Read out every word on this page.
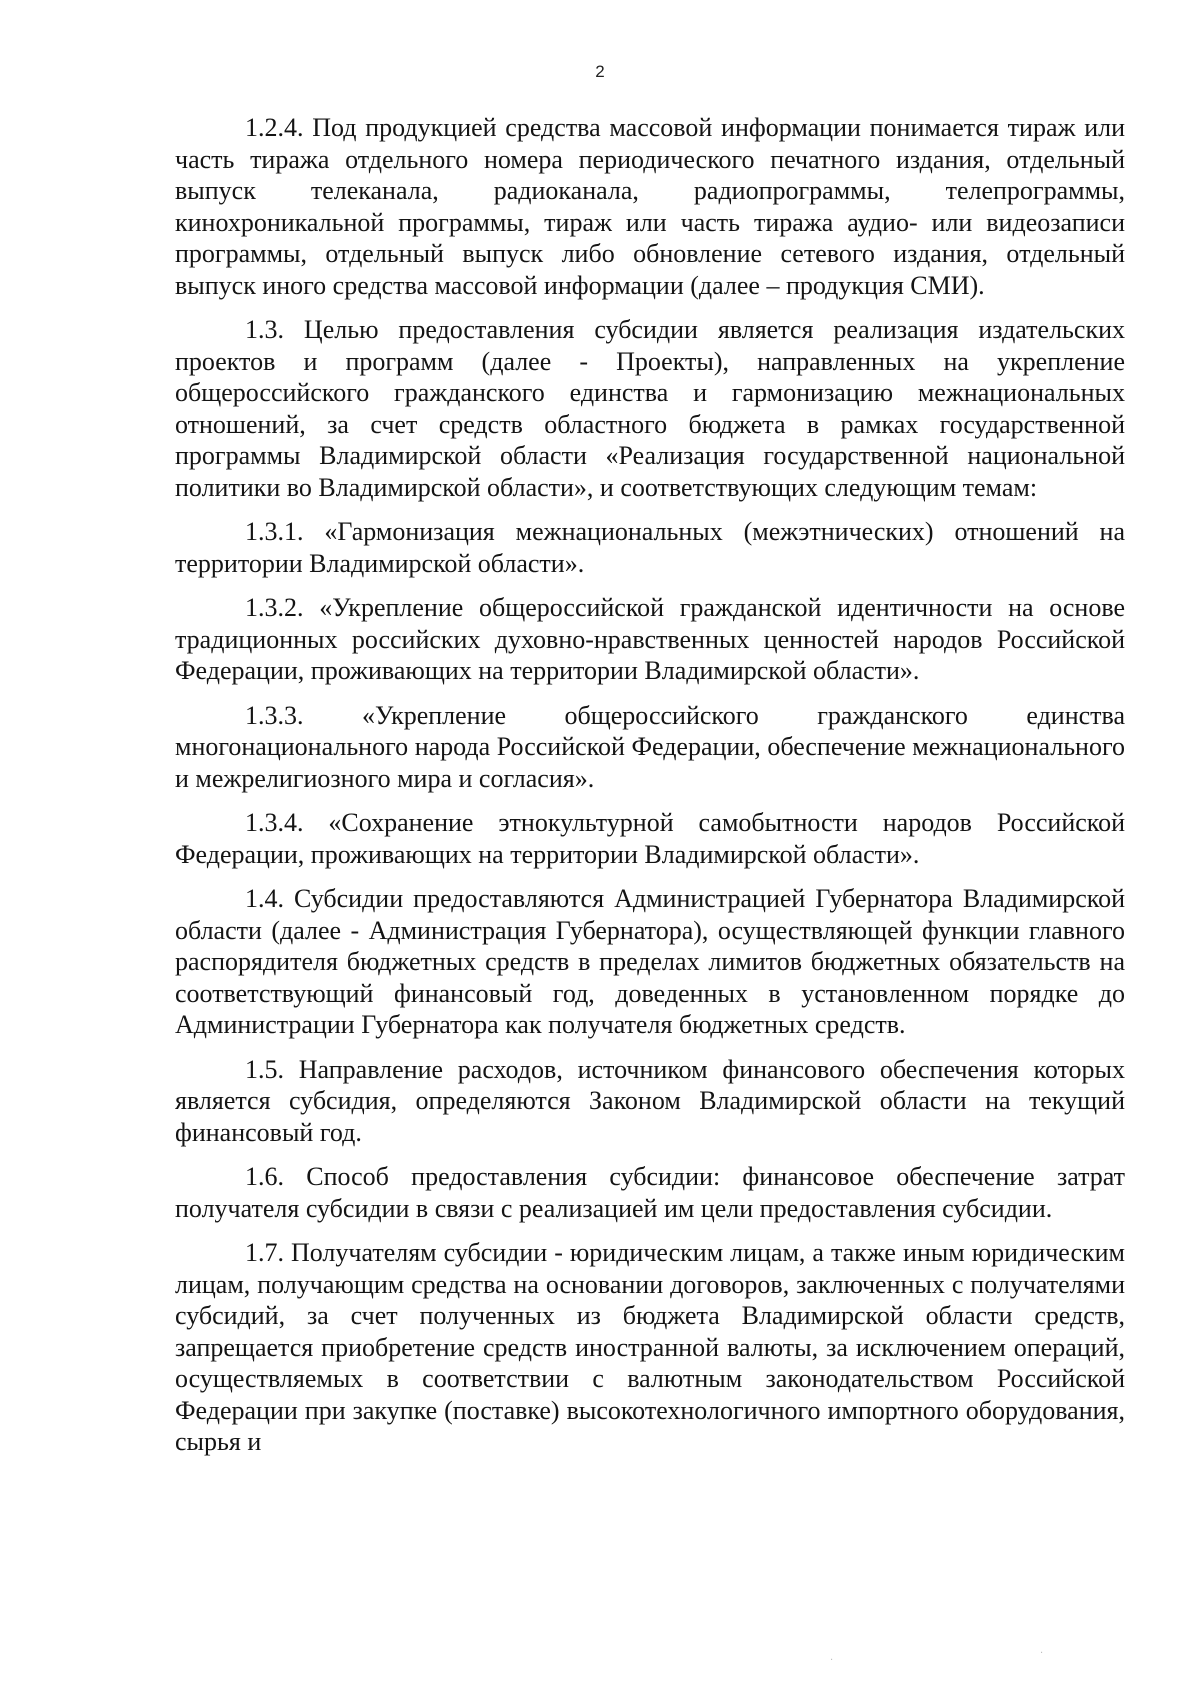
2

1.2.4. Под продукцией средства массовой информации понимается тираж или часть тиража отдельного номера периодического печатного издания, отдельный выпуск телеканала, радиоканала, радиопрограммы, телепрограммы, кинохроникальной программы, тираж или часть тиража аудио- или видеозаписи программы, отдельный выпуск либо обновление сетевого издания, отдельный выпуск иного средства массовой информации (далее – продукция СМИ).

1.3. Целью предоставления субсидии является реализация издательских проектов и программ (далее - Проекты), направленных на укрепление общероссийского гражданского единства и гармонизацию межнациональных отношений, за счет средств областного бюджета в рамках государственной программы Владимирской области «Реализация государственной национальной политики во Владимирской области», и соответствующих следующим темам:

1.3.1. «Гармонизация межнациональных (межэтнических) отношений на территории Владимирской области».

1.3.2. «Укрепление общероссийской гражданской идентичности на основе традиционных российских духовно-нравственных ценностей народов Российской Федерации, проживающих на территории Владимирской области».

1.3.3. «Укрепление общероссийского гражданского единства многонационального народа Российской Федерации, обеспечение межнационального и межрелигиозного мира и согласия».

1.3.4. «Сохранение этнокультурной самобытности народов Российской Федерации, проживающих на территории Владимирской области».

1.4. Субсидии предоставляются Администрацией Губернатора Владимирской области (далее - Администрация Губернатора), осуществляющей функции главного распорядителя бюджетных средств в пределах лимитов бюджетных обязательств на соответствующий финансовый год, доведенных в установленном порядке до Администрации Губернатора как получателя бюджетных средств.

1.5. Направление расходов, источником финансового обеспечения которых является субсидия, определяются Законом Владимирской области на текущий финансовый год.

1.6. Способ предоставления субсидии: финансовое обеспечение затрат получателя субсидии в связи с реализацией им цели предоставления субсидии.

1.7. Получателям субсидии - юридическим лицам, а также иным юридическим лицам, получающим средства на основании договоров, заключенных с получателями субсидий, за счет полученных из бюджета Владимирской области средств, запрещается приобретение средств иностранной валюты, за исключением операций, осуществляемых в соответствии с валютным законодательством Российской Федерации при закупке (поставке) высокотехнологичного импортного оборудования, сырья и

·
·
